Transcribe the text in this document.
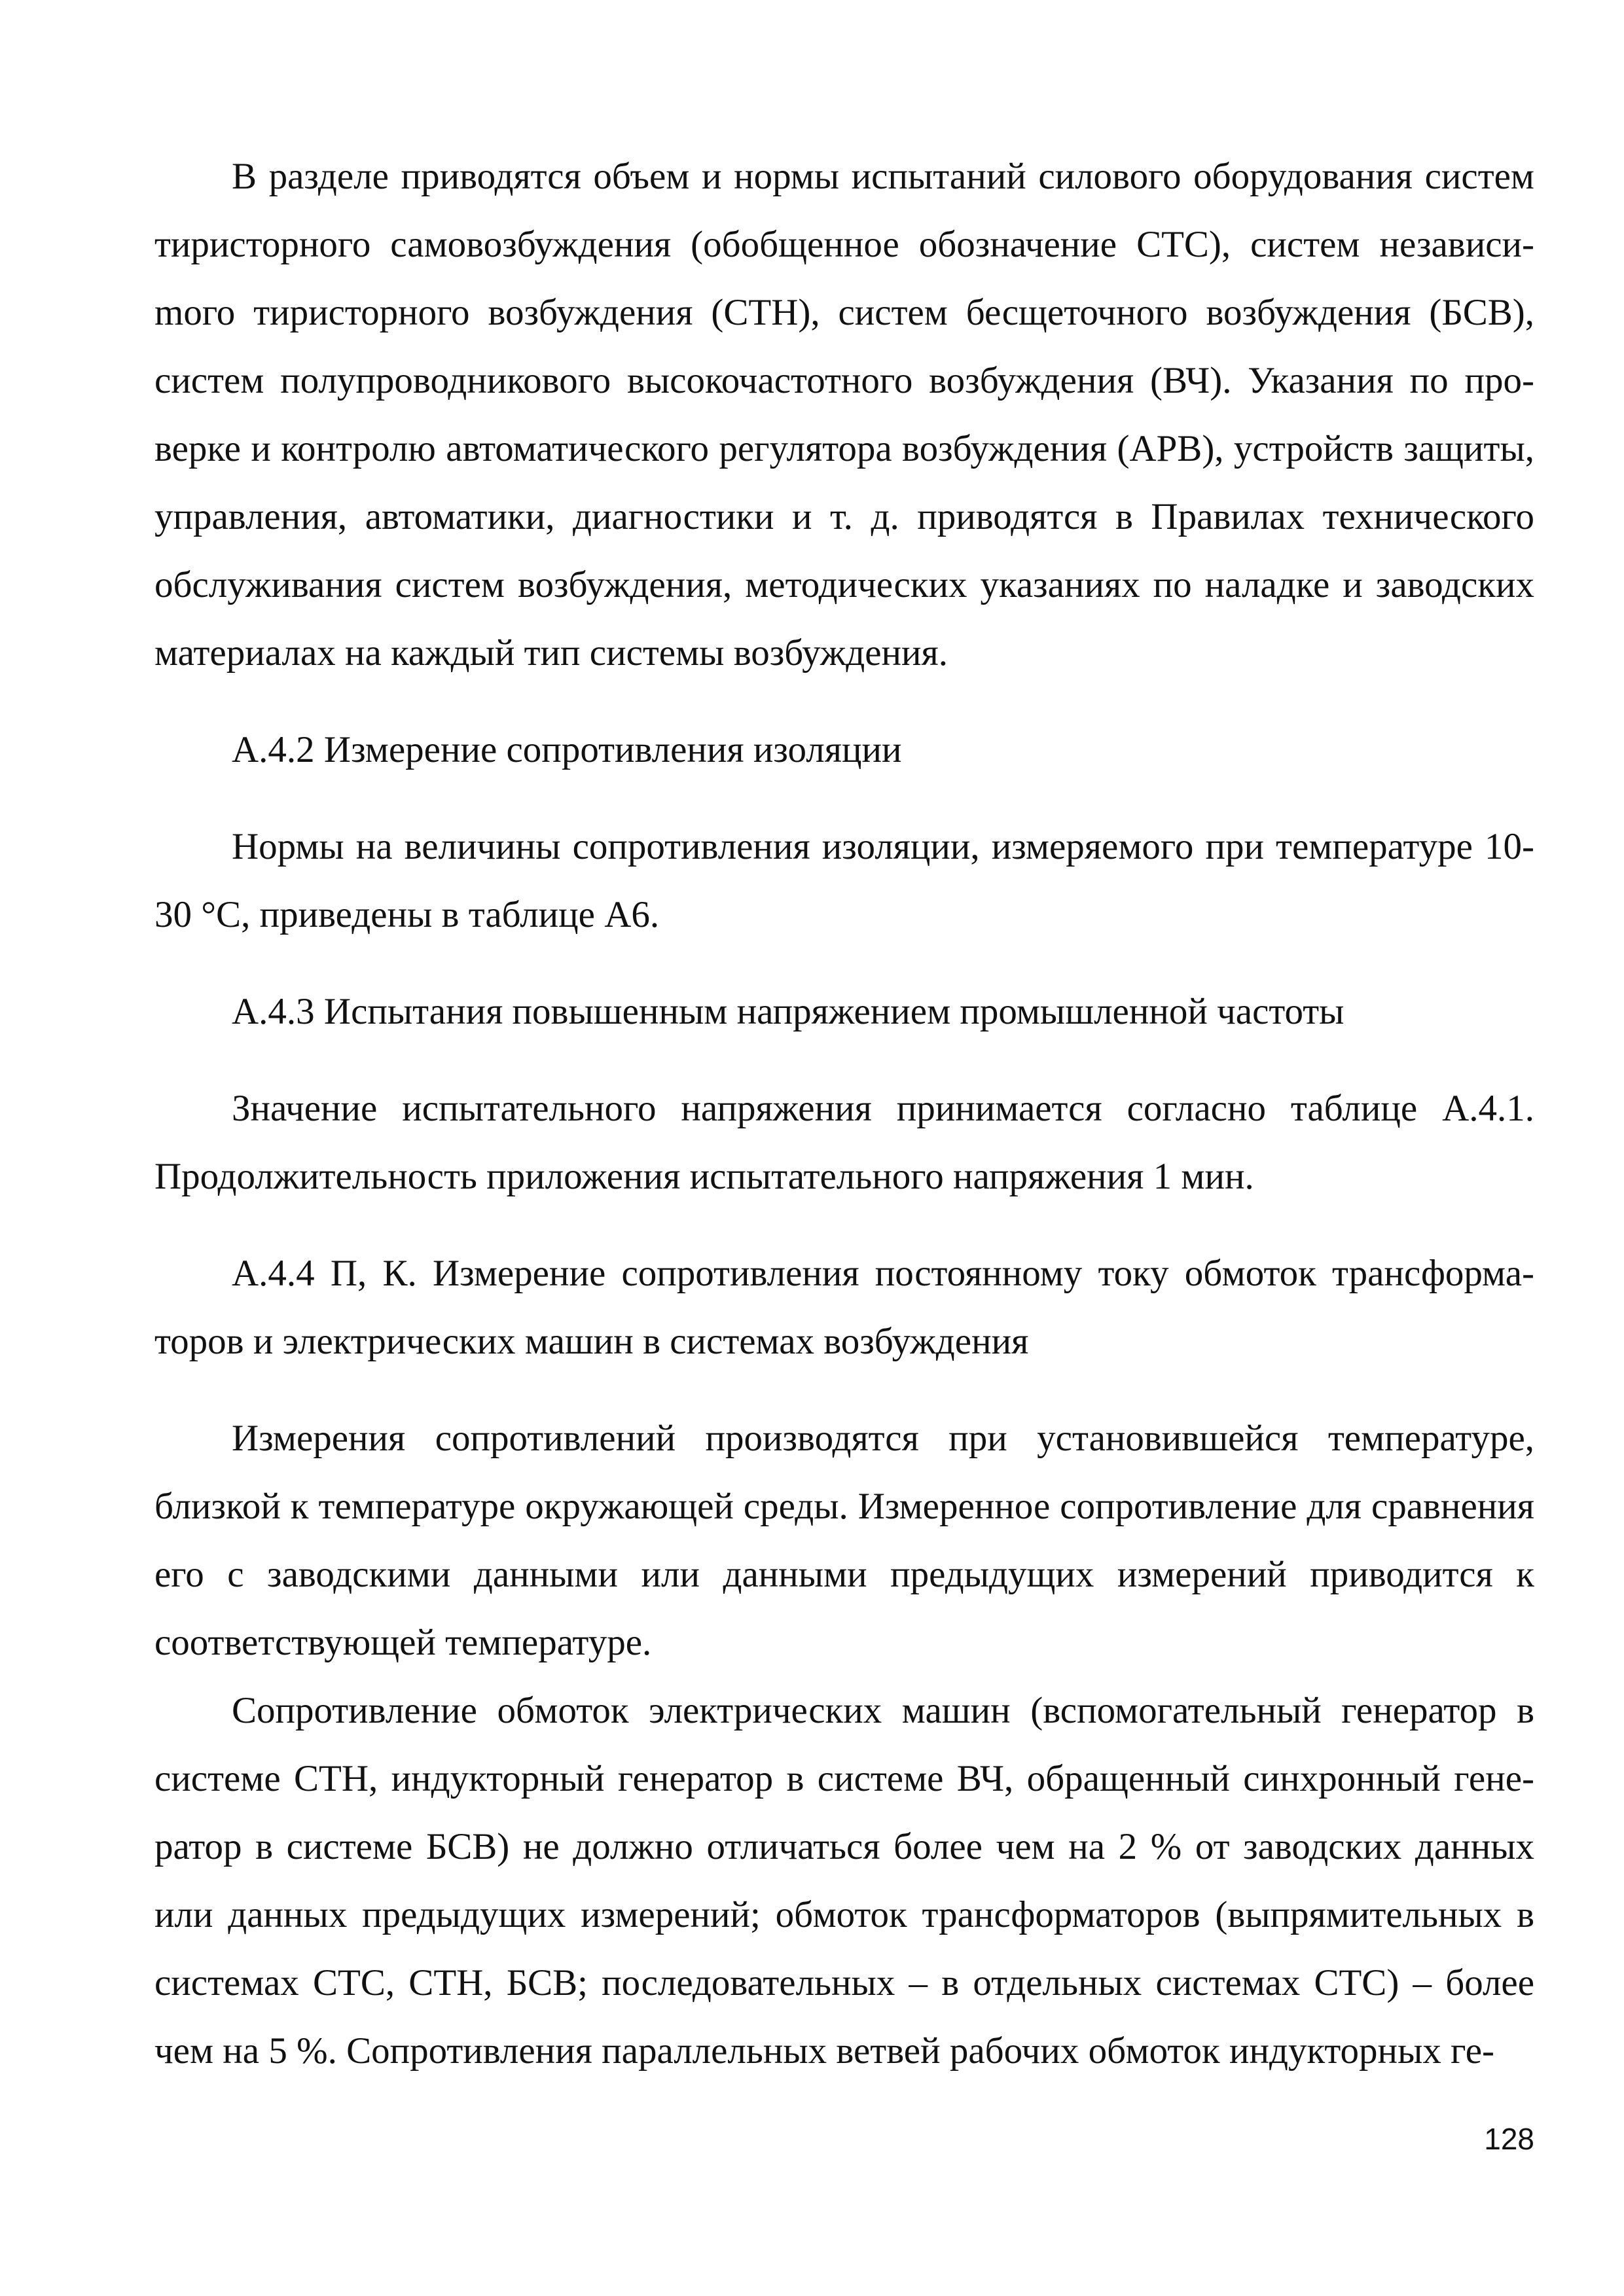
В разделе приводятся объем и нормы испытаний силового оборудования систем тиристорного самовозбуждения (обобщенное обозначение СТС), систем независиmого тиристорного возбуждения (СТН), систем бесщеточного возбуждения (БСВ), систем полупроводникового высокочастотного возбуждения (ВЧ). Указания по проверке и контролю автоматического регулятора возбуждения (АРВ), устройств защиты, управления, автоматики, диагностики и т. д. приводятся в Правилах технического обслуживания систем возбуждения, методических указаниях по наладке и заводских материалах на каждый тип системы возбуждения.

А.4.2 Измерение сопротивления изоляции

Нормы на величины сопротивления изоляции, измеряемого при температуре 10-30 °С, приведены в таблице А6.

А.4.3 Испытания повышенным напряжением промышленной частоты

Значение испытательного напряжения принимается согласно таблице А.4.1. Продолжительность приложения испытательного напряжения 1 мин.

А.4.4 П, К. Измерение сопротивления постоянному току обмоток трансформаторов и электрических машин в системах возбуждения

Измерения сопротивлений производятся при установившейся температуре, близкой к температуре окружающей среды. Измеренное сопротивление для сравнения его с заводскими данными или данными предыдущих измерений приводится к соответствующей температуре.

Сопротивление обмоток электрических машин (вспомогательный генератор в системе СТН, индукторный генератор в системе ВЧ, обращенный синхронный генератор в системе БСВ) не должно отличаться более чем на 2 % от заводских данных или данных предыдущих измерений; обмоток трансформаторов (выпрямительных в системах СТС, СТН, БСВ; последовательных – в отдельных системах СТС) – более чем на 5 %. Сопротивления параллельных ветвей рабочих обмоток индукторных ге-

128
